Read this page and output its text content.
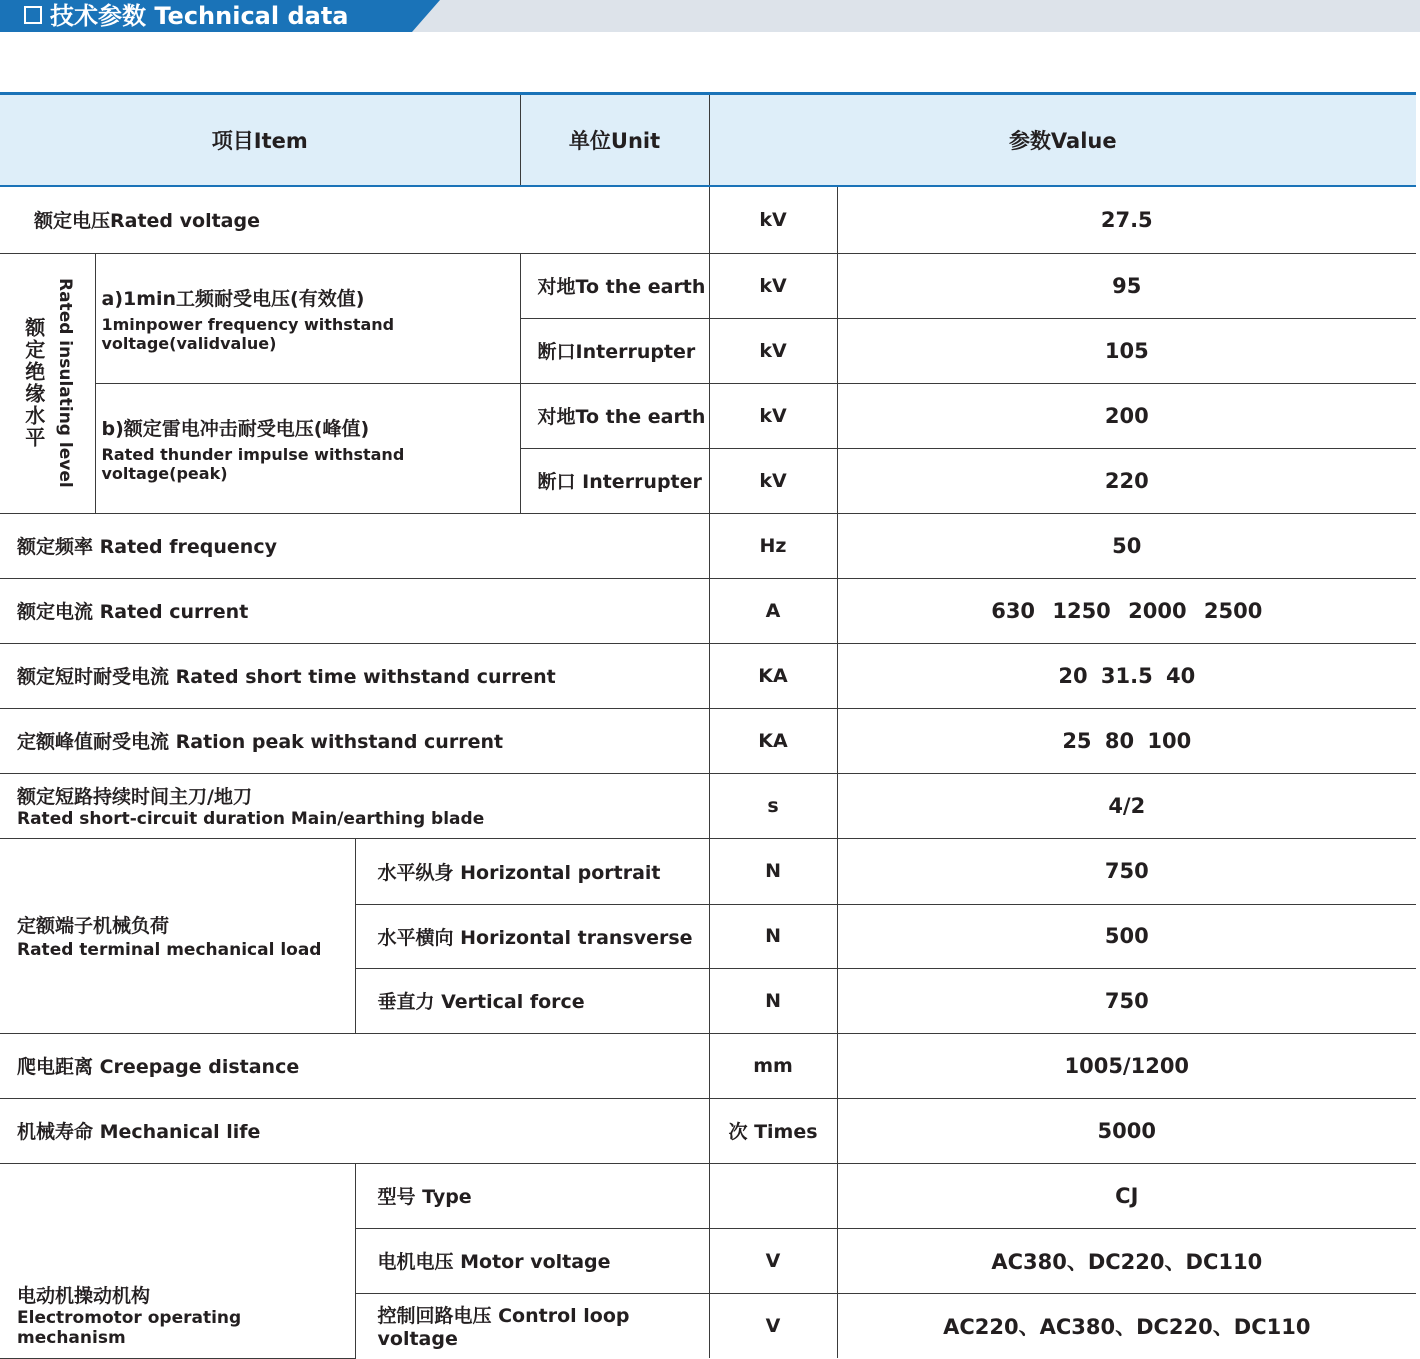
技术参数 Technical data
项目Item			单位Unit	参数Value	
额定电压Rated voltage				kV	27.5

额定绝缘水平 Rated insulating level	a)1min工频耐受电压(有效值)
1minpower frequency withstand voltage(validvalue)		对地To the earth	kV	95
			断口Interrupter	kV	105
	b)额定雷电冲击耐受电压(峰值)
Rated thunder impulse withstand voltage(peak)		对地To the earth	kV	200
			断口 Interrupter	kV	220
额定频率 Rated frequency				Hz	50
额定电流 Rated current				A	630 1250 2000 2500
额定短时耐受电流 Rated short time withstand current				KA	20 31.5 40
定额峰值耐受电流 Ration peak withstand current				KA	25 80 100
额定短路持续时间主刀/地刀
Rated short-circuit duration Main/earthing blade				s	4/2
定额端子机械负荷
Rated terminal mechanical load		水平纵身 Horizontal portrait		N	750
		水平横向 Horizontal transverse		N	500
		垂直力 Vertical force		N	750
爬电距离 Creepage distance				mm	1005/1200
机械寿命 Mechanical life				次 Times	5000
电动机操动机构
Electromotor operating mechanism		型号 Type			CJ
		电机电压 Motor voltage		V	AC380、DC220、DC110
		控制回路电压 Control loop voltage		V	AC220、AC380、DC220、DC110
